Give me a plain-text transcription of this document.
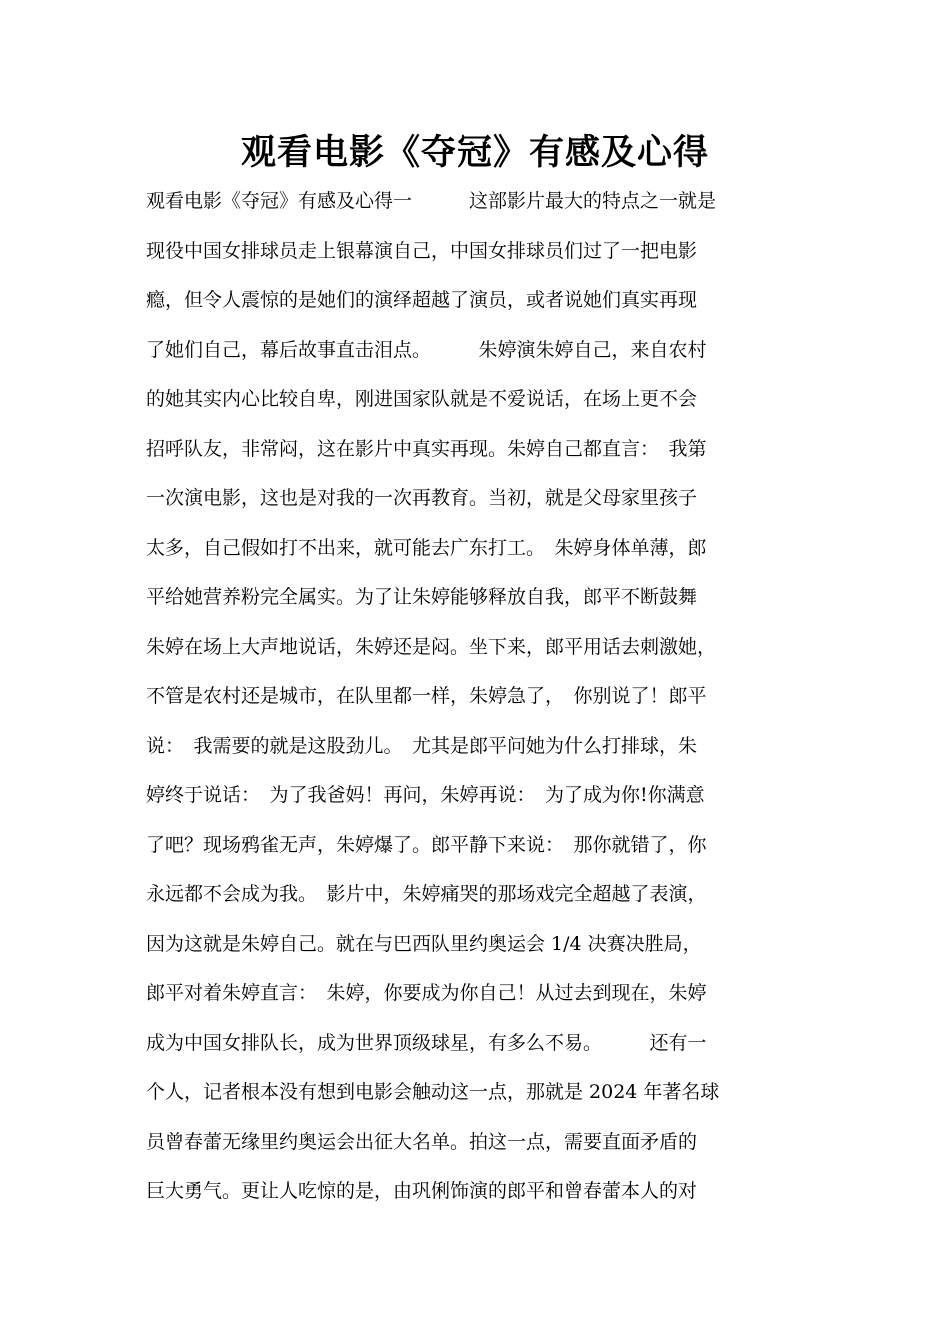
观看电影《夺冠》有感及心得
观看电影《夺冠》有感及心得一　　　这部影片最大的特点之一就是
现役中国女排球员走上银幕演自己，中国女排球员们过了一把电影
瘾，但令人震惊的是她们的演绎超越了演员，或者说她们真实再现
了她们自己，幕后故事直击泪点。　　　朱婷演朱婷自己，来自农村
的她其实内心比较自卑，刚进国家队就是不爱说话，在场上更不会
招呼队友，非常闷，这在影片中真实再现。朱婷自己都直言：　我第
一次演电影，这也是对我的一次再教育。当初，就是父母家里孩子
太多，自己假如打不出来，就可能去广东打工。　朱婷身体单薄，郎
平给她营养粉完全属实。为了让朱婷能够释放自我，郎平不断鼓舞
朱婷在场上大声地说话，朱婷还是闷。坐下来，郎平用话去刺激她，
不管是农村还是城市，在队里都一样，朱婷急了，　你别说了！郎平
说：　我需要的就是这股劲儿。　尤其是郎平问她为什么打排球，朱
婷终于说话：　为了我爸妈！再问，朱婷再说：　为了成为你!你满意
了吧？现场鸦雀无声，朱婷爆了。郎平静下来说：　那你就错了，你
永远都不会成为我。　影片中，朱婷痛哭的那场戏完全超越了表演，
因为这就是朱婷自己。就在与巴西队里约奥运会 1/4 决赛决胜局，
郎平对着朱婷直言：　朱婷，你要成为你自己！从过去到现在，朱婷
成为中国女排队长，成为世界顶级球星，有多么不易。　　　还有一
个人，记者根本没有想到电影会触动这一点，那就是 2024 年著名球
员曾春蕾无缘里约奥运会出征大名单。拍这一点，需要直面矛盾的
巨大勇气。更让人吃惊的是，由巩俐饰演的郎平和曾春蕾本人的对
